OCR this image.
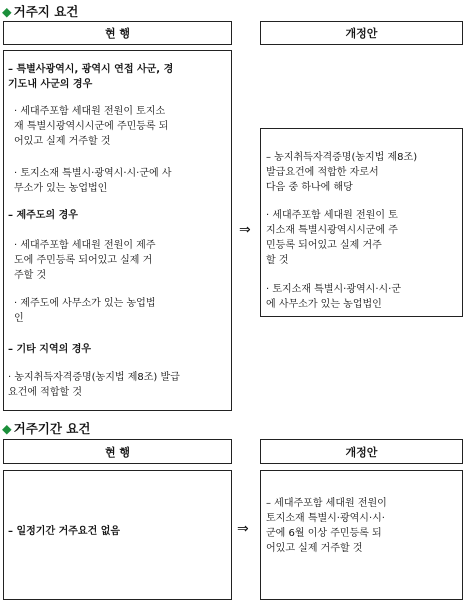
◆ 거주지 요건
현 행	개정안
– 특별사광역시, 광역시 연접 사군, 경
기도내 사군의 경우
· 세대주포함 세대원 전원이 토지소
재 특별시광역시시군에 주민등록 되
어있고 실제 거주할 것
· 토지소재 특별시·광역시·시·군에 사
무소가 있는 농업법인
– 제주도의 경우
· 세대주포함 세대원 전원이 제주
도에 주민등록 되어있고 실제 거
주할 것
· 제주도에 사무소가 있는 농업법
인
– 기타 지역의 경우
· 농지취득자격증명(농지법 제8조) 발급
요건에 적합할 것
⇒
– 농지취득자격증명(농지법 제8조)
발급요건에 적합한 자로서
다음 중 하나에 해당
· 세대주포함 세대원 전원이 토
지소재 특별시광역시시군에 주
민등록 되어있고 실제 거주
할 것
· 토지소재 특별시·광역시·시·군
에 사무소가 있는 농업법인
◆ 거주기간 요건
현 행	개정안
– 일정기간 거주요건 없음	⇒
– 세대주포함 세대원 전원이
토지소재 특별시·광역시·시·
군에 6월 이상 주민등록 되
어있고 실제 거주할 것
